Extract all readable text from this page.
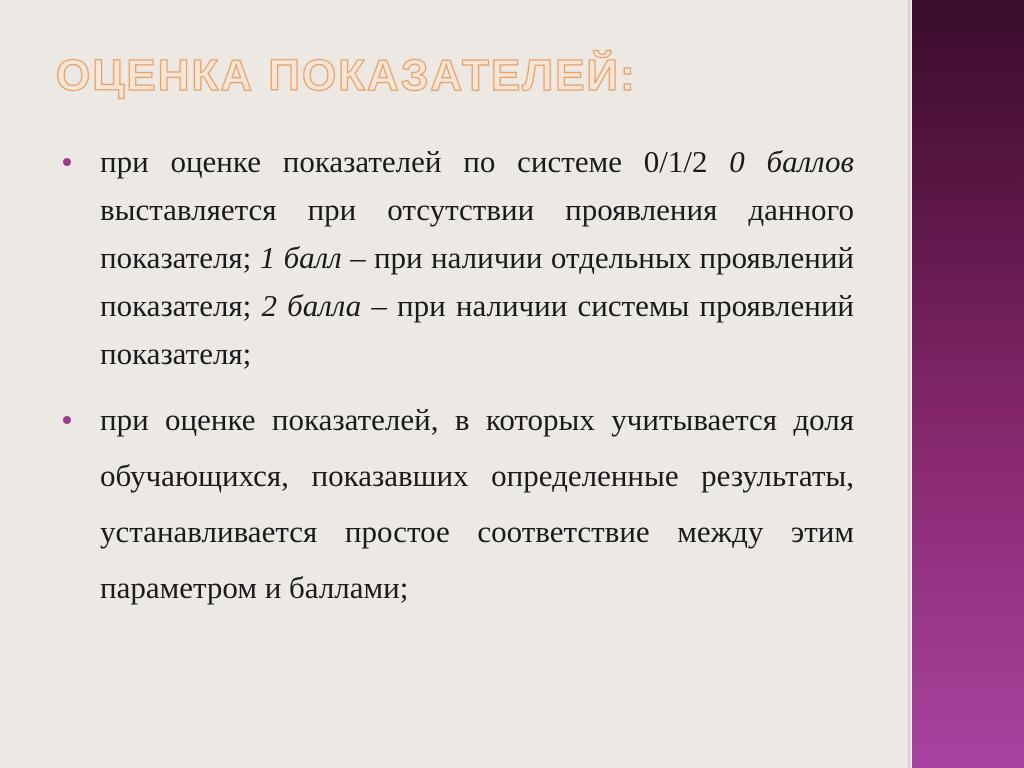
ОЦЕНКА ПОКАЗАТЕЛЕЙ:
при оценке показателей по системе 0/1/2 0 баллов выставляется при отсутствии проявления данного показателя; 1 балл – при наличии отдельных проявлений показателя; 2 балла – при наличии системы проявлений показателя;
при оценке показателей, в которых учитывается доля обучающихся, показавших определенные результаты, устанавливается простое соответствие между этим параметром и баллами;
